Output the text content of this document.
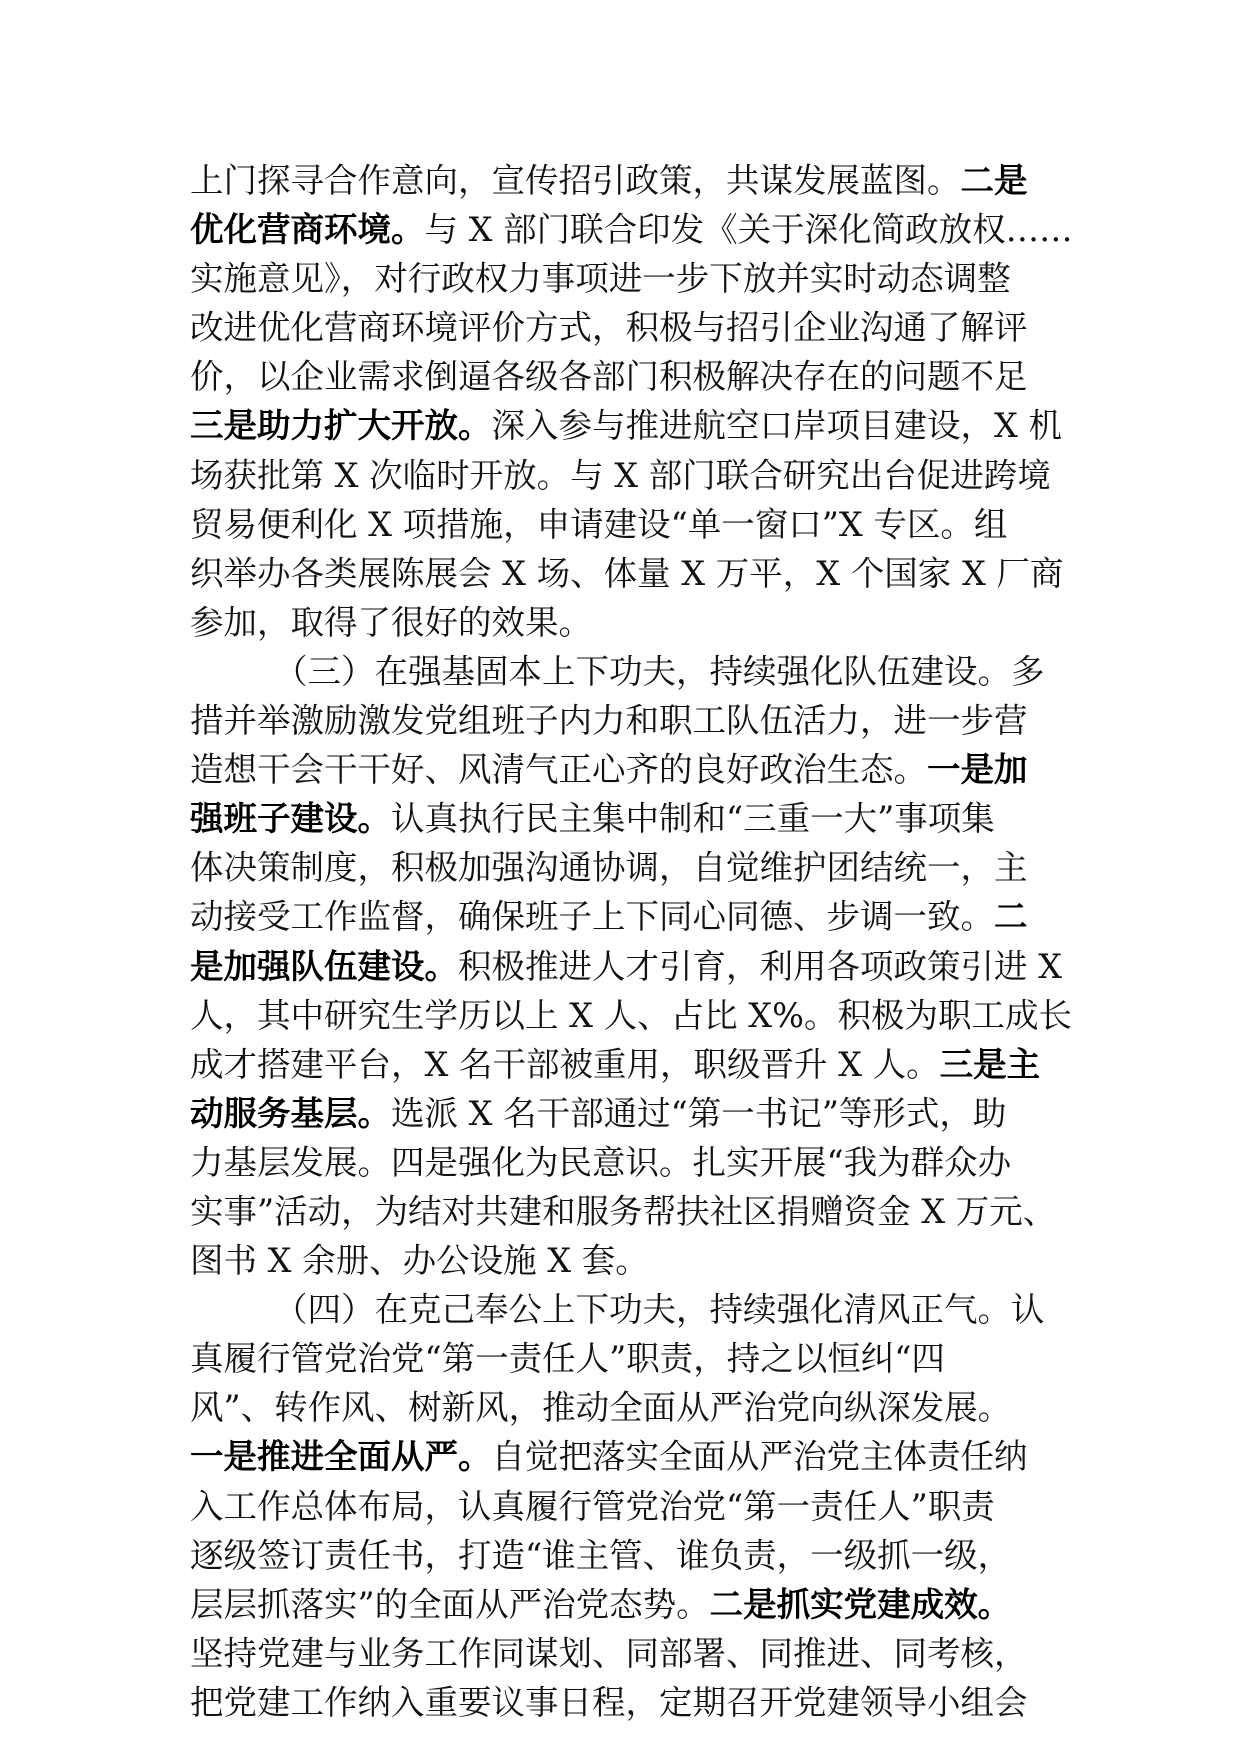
上门探寻合作意向，宣传招引政策，共谋发展蓝图。二是
优化营商环境。与 X 部门联合印发《关于深化简政放权……
实施意见》，对行政权力事项进一步下放并实时动态调整
改进优化营商环境评价方式，积极与招引企业沟通了解评
价，以企业需求倒逼各级各部门积极解决存在的问题不足
三是助力扩大开放。深入参与推进航空口岸项目建设，X 机
场获批第 X 次临时开放。与 X 部门联合研究出台促进跨境
贸易便利化 X 项措施，申请建设“单一窗口”X 专区。组
织举办各类展陈展会 X 场、体量 X 万平，X 个国家 X 厂商
参加，取得了很好的效果。
（三）在强基固本上下功夫，持续强化队伍建设。多
措并举激励激发党组班子内力和职工队伍活力，进一步营
造想干会干干好、风清气正心齐的良好政治生态。一是加
强班子建设。认真执行民主集中制和“三重一大”事项集
体决策制度，积极加强沟通协调，自觉维护团结统一，主
动接受工作监督，确保班子上下同心同德、步调一致。二
是加强队伍建设。积极推进人才引育，利用各项政策引进 X
人，其中研究生学历以上 X 人、占比 X%。积极为职工成长
成才搭建平台，X 名干部被重用，职级晋升 X 人。三是主
动服务基层。选派 X 名干部通过“第一书记”等形式，助
力基层发展。四是强化为民意识。扎实开展“我为群众办
实事”活动，为结对共建和服务帮扶社区捐赠资金 X 万元、
图书 X 余册、办公设施 X 套。
（四）在克己奉公上下功夫，持续强化清风正气。认
真履行管党治党“第一责任人”职责，持之以恒纠“四
风”、转作风、树新风，推动全面从严治党向纵深发展。
一是推进全面从严。自觉把落实全面从严治党主体责任纳
入工作总体布局，认真履行管党治党“第一责任人”职责
逐级签订责任书，打造“谁主管、谁负责，一级抓一级，
层层抓落实”的全面从严治党态势。二是抓实党建成效。
坚持党建与业务工作同谋划、同部署、同推进、同考核，
把党建工作纳入重要议事日程，定期召开党建领导小组会
